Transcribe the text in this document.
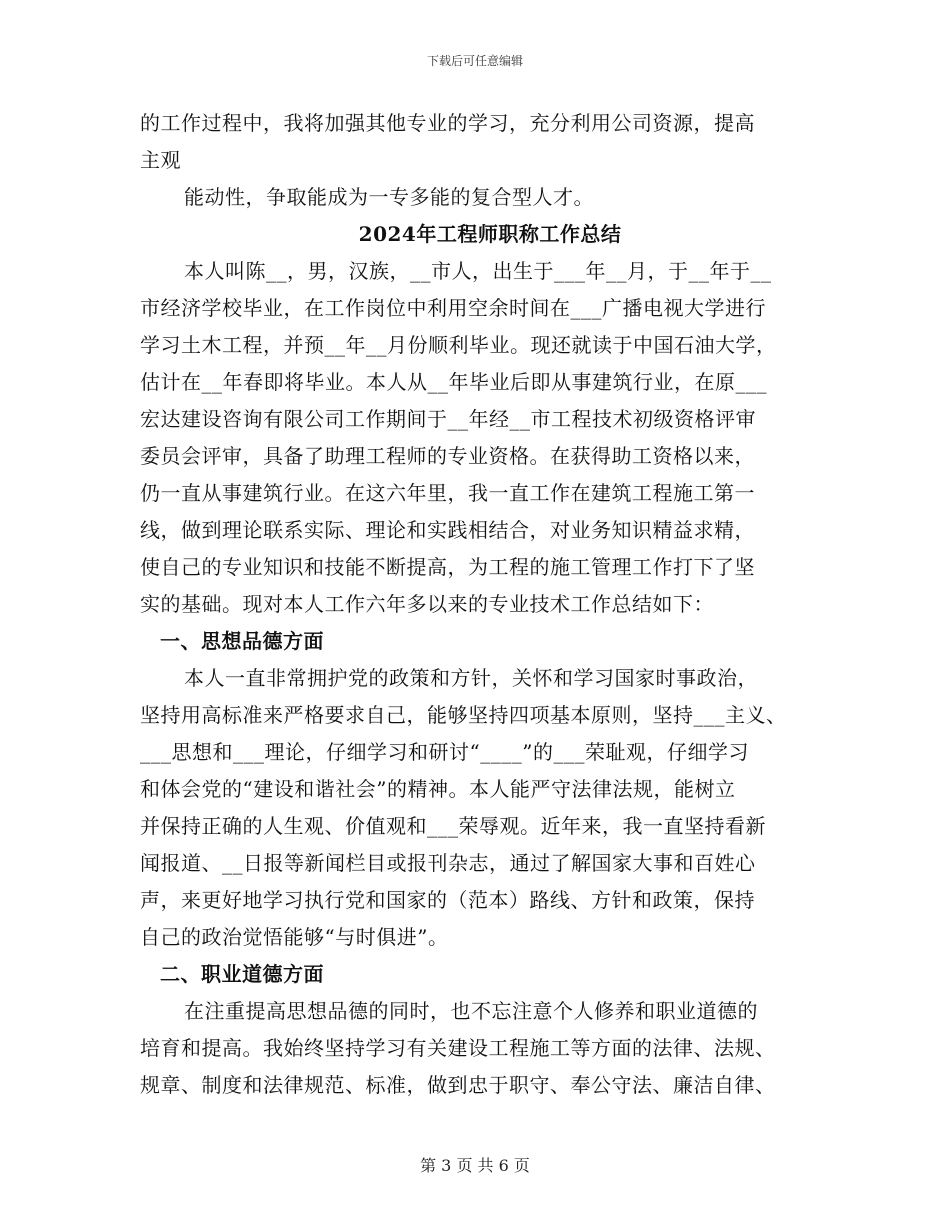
下载后可任意编辑
的工作过程中，我将加强其他专业的学习，充分利用公司资源，提高
主观
能动性，争取能成为一专多能的复合型人才。
2024年工程师职称工作总结
本人叫陈__，男，汉族，__市人，出生于___年__月，于__年于__
市经济学校毕业，在工作岗位中利用空余时间在___广播电视大学进行
学习土木工程，并预__年__月份顺利毕业。现还就读于中国石油大学，
估计在__年春即将毕业。本人从__年毕业后即从事建筑行业，在原___
宏达建设咨询有限公司工作期间于__年经__市工程技术初级资格评审
委员会评审，具备了助理工程师的专业资格。在获得助工资格以来，
仍一直从事建筑行业。在这六年里，我一直工作在建筑工程施工第一
线，做到理论联系实际、理论和实践相结合，对业务知识精益求精，
使自己的专业知识和技能不断提高，为工程的施工管理工作打下了坚
实的基础。现对本人工作六年多以来的专业技术工作总结如下：
一、思想品德方面
本人一直非常拥护党的政策和方针，关怀和学习国家时事政治，
坚持用高标准来严格要求自己，能够坚持四项基本原则，坚持___主义、
___思想和___理论，仔细学习和研讨“____”的___荣耻观，仔细学习
和体会党的“建设和谐社会”的精神。本人能严守法律法规，能树立
并保持正确的人生观、价值观和___荣辱观。近年来，我一直坚持看新
闻报道、__日报等新闻栏目或报刊杂志，通过了解国家大事和百姓心
声，来更好地学习执行党和国家的（范本）路线、方针和政策，保持
自己的政治觉悟能够“与时俱进”。
二、职业道德方面
在注重提高思想品德的同时，也不忘注意个人修养和职业道德的
培育和提高。我始终坚持学习有关建设工程施工等方面的法律、法规、
规章、制度和法律规范、标准，做到忠于职守、奉公守法、廉洁自律、
第 3 页 共 6 页
